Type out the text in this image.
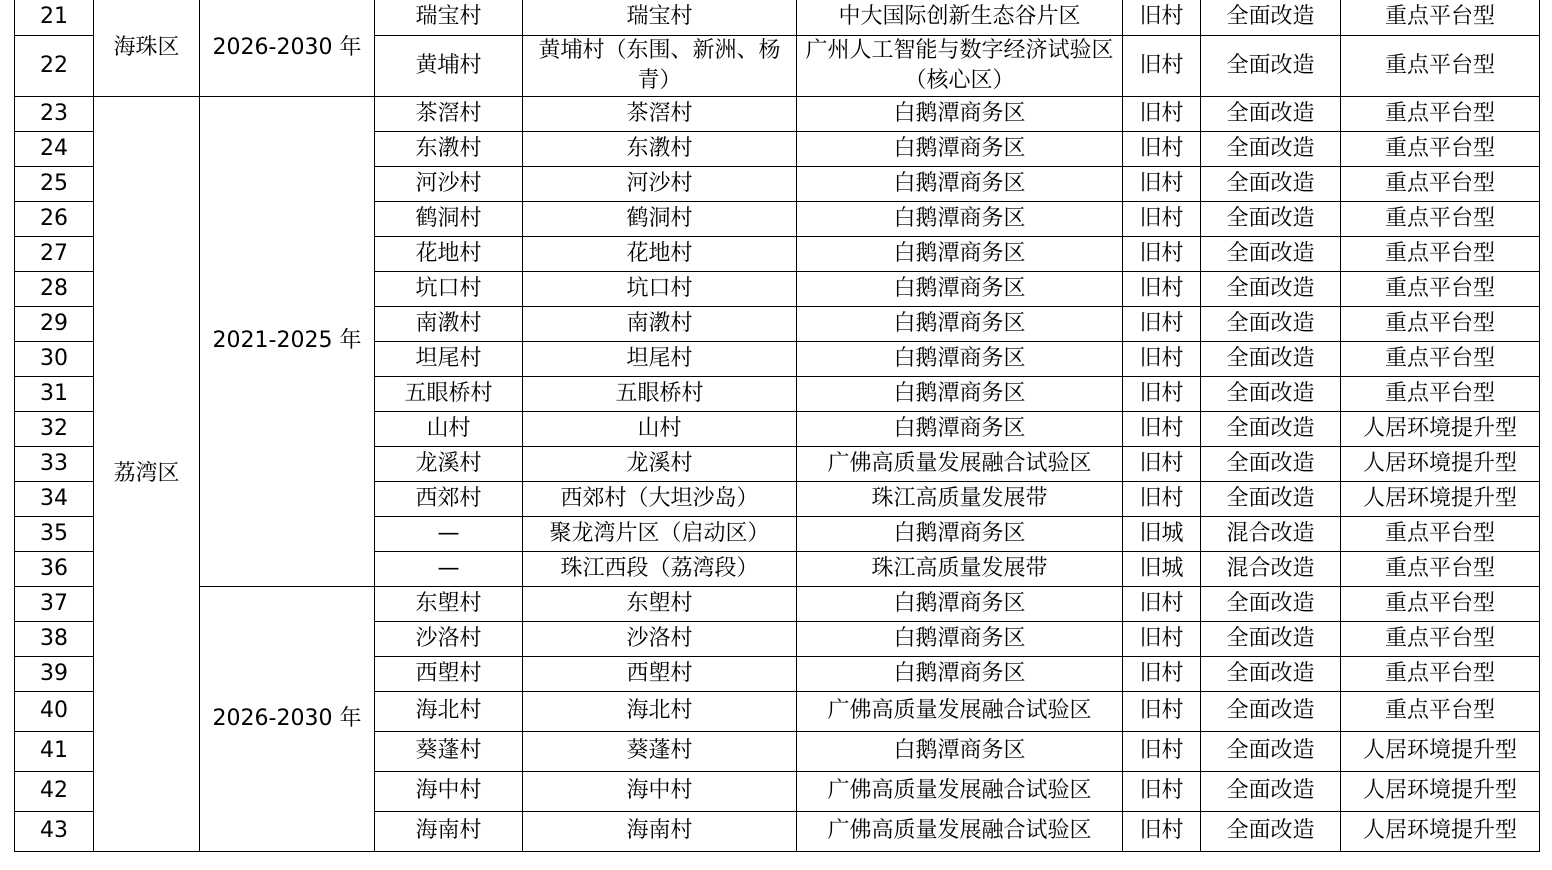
21	海珠区	2026-2030 年	瑞宝村	瑞宝村	中大国际创新生态谷片区	旧村	全面改造	重点平台型
22			黄埔村	黄埔村（东围、新洲、杨青）	广州人工智能与数字经济试验区（核心区）	旧村	全面改造	重点平台型
23	荔湾区	2021-2025 年	茶滘村	茶滘村	白鹅潭商务区	旧村	全面改造	重点平台型
24			东漖村	东漖村	白鹅潭商务区	旧村	全面改造	重点平台型
25			河沙村	河沙村	白鹅潭商务区	旧村	全面改造	重点平台型
26			鹤洞村	鹤洞村	白鹅潭商务区	旧村	全面改造	重点平台型
27			花地村	花地村	白鹅潭商务区	旧村	全面改造	重点平台型
28			坑口村	坑口村	白鹅潭商务区	旧村	全面改造	重点平台型
29			南漖村	南漖村	白鹅潭商务区	旧村	全面改造	重点平台型
30			坦尾村	坦尾村	白鹅潭商务区	旧村	全面改造	重点平台型
31			五眼桥村	五眼桥村	白鹅潭商务区	旧村	全面改造	重点平台型
32			山村	山村	白鹅潭商务区	旧村	全面改造	人居环境提升型
33			龙溪村	龙溪村	广佛高质量发展融合试验区	旧村	全面改造	人居环境提升型
34			西郊村	西郊村（大坦沙岛）	珠江高质量发展带	旧村	全面改造	人居环境提升型
35			—	聚龙湾片区（启动区）	白鹅潭商务区	旧城	混合改造	重点平台型
36			—	珠江西段（荔湾段）	珠江高质量发展带	旧城	混合改造	重点平台型
37		2026-2030 年	东塱村	东塱村	白鹅潭商务区	旧村	全面改造	重点平台型
38			沙洛村	沙洛村	白鹅潭商务区	旧村	全面改造	重点平台型
39			西塱村	西塱村	白鹅潭商务区	旧村	全面改造	重点平台型
40			海北村	海北村	广佛高质量发展融合试验区	旧村	全面改造	重点平台型
41			葵蓬村	葵蓬村	白鹅潭商务区	旧村	全面改造	人居环境提升型
42			海中村	海中村	广佛高质量发展融合试验区	旧村	全面改造	人居环境提升型
43			海南村	海南村	广佛高质量发展融合试验区	旧村	全面改造	人居环境提升型
